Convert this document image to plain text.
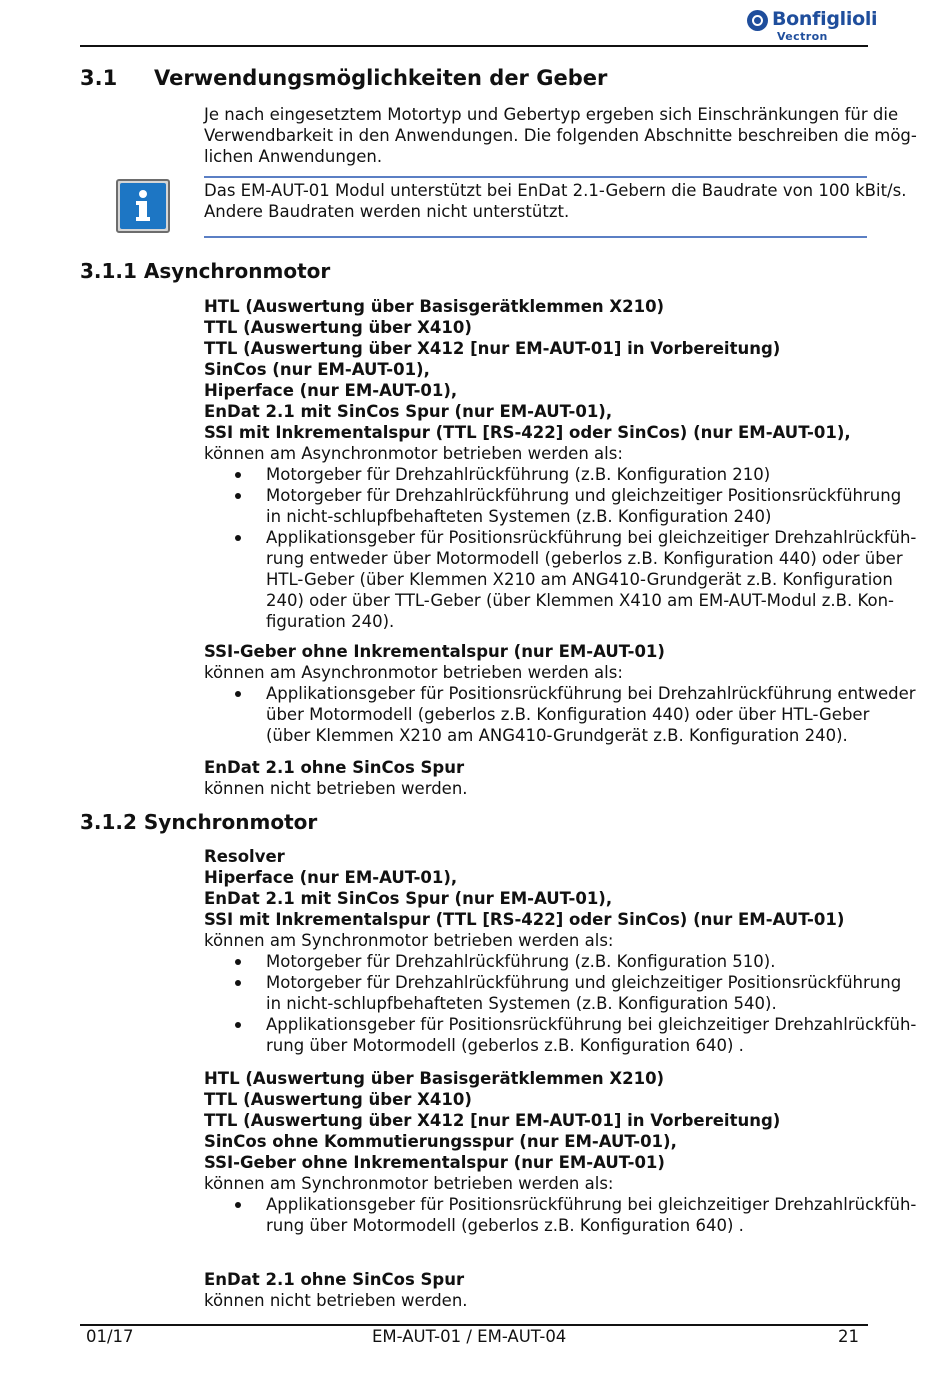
Bonfiglioli
Vectron
3.1 Verwendungsmöglichkeiten der Geber
Je nach eingesetztem Motortyp und Gebertyp ergeben sich Einschränkungen für die
Verwendbarkeit in den Anwendungen. Die folgenden Abschnitte beschreiben die mög-
lichen Anwendungen.
Das EM-AUT-01 Modul unterstützt bei EnDat 2.1-Gebern die Baudrate von 100 kBit/s.
Andere Baudraten werden nicht unterstützt.
3.1.1 Asynchronmotor
HTL (Auswertung über Basisgerätklemmen X210)
TTL (Auswertung über X410)
TTL (Auswertung über X412 [nur EM-AUT-01] in Vorbereitung)
SinCos (nur EM-AUT-01),
Hiperface (nur EM-AUT-01),
EnDat 2.1 mit SinCos Spur (nur EM-AUT-01),
SSI mit Inkrementalspur (TTL [RS-422] oder SinCos) (nur EM-AUT-01),
können am Asynchronmotor betrieben werden als:
Motorgeber für Drehzahlrückführung (z.B. Konfiguration 210)
Motorgeber für Drehzahlrückführung und gleichzeitiger Positionsrückführung
in nicht-schlupfbehafteten Systemen (z.B. Konfiguration 240)
Applikationsgeber für Positionsrückführung bei gleichzeitiger Drehzahlrückfüh-
rung entweder über Motormodell (geberlos z.B. Konfiguration 440) oder über
HTL-Geber (über Klemmen X210 am ANG410-Grundgerät z.B. Konfiguration
240) oder über TTL-Geber (über Klemmen X410 am EM-AUT-Modul z.B. Kon-
figuration 240).
SSI-Geber ohne Inkrementalspur (nur EM-AUT-01)
können am Asynchronmotor betrieben werden als:
Applikationsgeber für Positionsrückführung bei Drehzahlrückführung entweder
über Motormodell (geberlos z.B. Konfiguration 440) oder über HTL-Geber
(über Klemmen X210 am ANG410-Grundgerät z.B. Konfiguration 240).
EnDat 2.1 ohne SinCos Spur
können nicht betrieben werden.
3.1.2 Synchronmotor
Resolver
Hiperface (nur EM-AUT-01),
EnDat 2.1 mit SinCos Spur (nur EM-AUT-01),
SSI mit Inkrementalspur (TTL [RS-422] oder SinCos) (nur EM-AUT-01)
können am Synchronmotor betrieben werden als:
Motorgeber für Drehzahlrückführung (z.B. Konfiguration 510).
Motorgeber für Drehzahlrückführung und gleichzeitiger Positionsrückführung
in nicht-schlupfbehafteten Systemen (z.B. Konfiguration 540).
Applikationsgeber für Positionsrückführung bei gleichzeitiger Drehzahlrückfüh-
rung über Motormodell (geberlos z.B. Konfiguration 640) .
HTL (Auswertung über Basisgerätklemmen X210)
TTL (Auswertung über X410)
TTL (Auswertung über X412 [nur EM-AUT-01] in Vorbereitung)
SinCos ohne Kommutierungsspur (nur EM-AUT-01),
SSI-Geber ohne Inkrementalspur (nur EM-AUT-01)
können am Synchronmotor betrieben werden als:
Applikationsgeber für Positionsrückführung bei gleichzeitiger Drehzahlrückfüh-
rung über Motormodell (geberlos z.B. Konfiguration 640) .
EnDat 2.1 ohne SinCos Spur
können nicht betrieben werden.
01/17	EM-AUT-01 / EM-AUT-04	21
